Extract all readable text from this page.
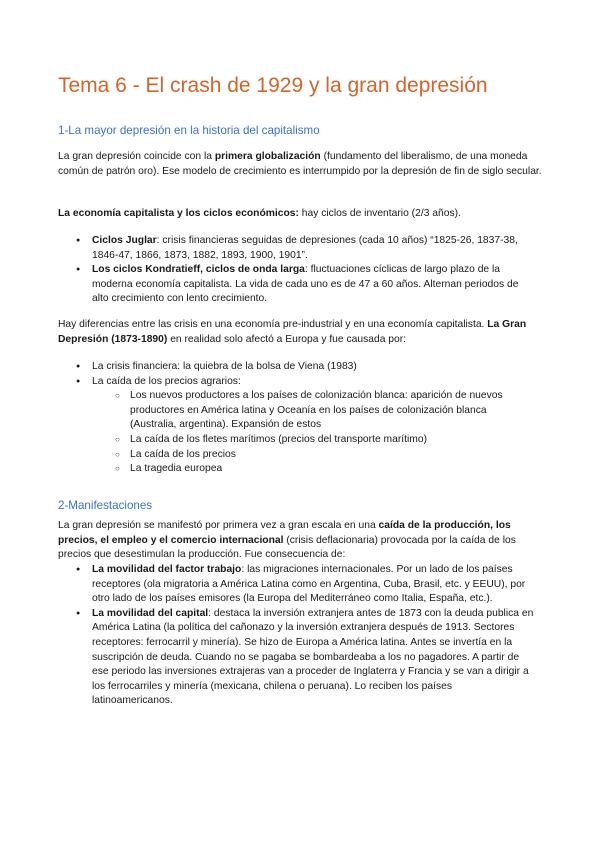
Tema 6 - El crash de 1929 y la gran depresión
1-La mayor depresión en la historia del capitalismo

La gran depresión coincide con la primera globalización (fundamento del liberalismo, de una moneda común de patrón oro). Ese modelo de crecimiento es interrumpido por la depresión de fin de siglo secular.

La economía capitalista y los ciclos económicos: hay ciclos de inventario (2/3 años).

● Ciclos Juglar: crisis financieras seguidas de depresiones (cada 10 años) “1825-26, 1837-38, 1846-47, 1866, 1873, 1882, 1893, 1900, 1901”.
● Los ciclos Kondratieff, ciclos de onda larga: fluctuaciones cíclicas de largo plazo de la moderna economía capitalista. La vida de cada uno es de 47 a 60 años. Alternan periodos de alto crecimiento con lento crecimiento.

Hay diferencias entre las crisis en una economía pre-industrial y en una economía capitalista. La Gran Depresión (1873-1890) en realidad solo afectó a Europa y fue causada por:

● La crisis financiera: la quiebra de la bolsa de Viena (1983)
● La caída de los precios agrarios:
○ Los nuevos productores a los países de colonización blanca: aparición de nuevos productores en América latina y Oceanía en los países de colonización blanca (Australia, argentina). Expansión de estos
○ La caída de los fletes marítimos (precios del transporte marítimo)
○ La caída de los precios
○ La tragedia europea
2-Manifestaciones

La gran depresión se manifestó por primera vez a gran escala en una caída de la producción, los precios, el empleo y el comercio internacional (crisis deflacionaria) provocada por la caída de los precios que desestimulan la producción. Fue consecuencia de:

● La movilidad del factor trabajo: las migraciones internacionales. Por un lado de los países receptores (ola migratoria a América Latina como en Argentina, Cuba, Brasil, etc. y EEUU), por otro lado de los países emisores (la Europa del Mediterráneo como Italia, España, etc.).
● La movilidad del capital: destaca la inversión extranjera antes de 1873 con la deuda publica en América Latina (la política del cañonazo y la inversión extranjera después de 1913. Sectores receptores: ferrocarril y minería). Se hizo de Europa a América latina. Antes se invertía en la suscripción de deuda. Cuando no se pagaba se bombardeaba a los no pagadores. A partir de ese periodo las inversiones extrajeras van a proceder de Inglaterra y Francia y se van a dirigir a los ferrocarriles y minería (mexicana, chilena o peruana). Lo reciben los países latinoamericanos.
